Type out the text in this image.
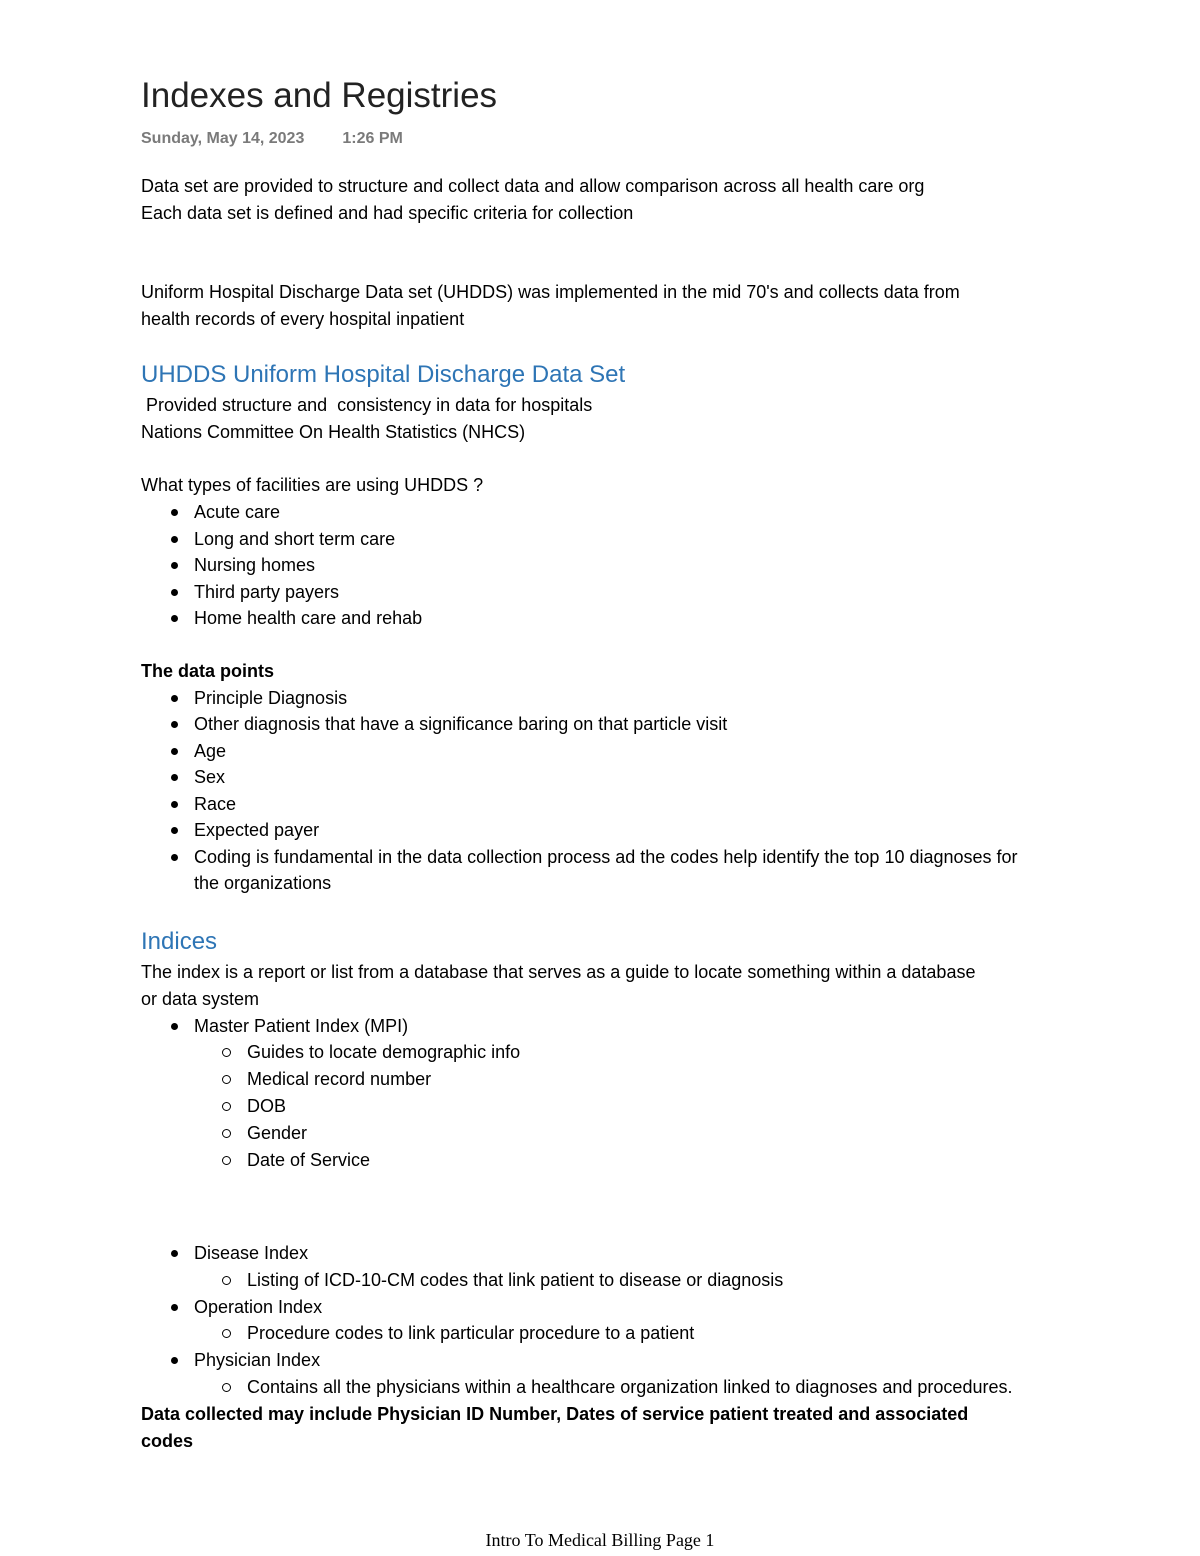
Indexes and Registries
Sunday, May 14, 2023 1:26 PM

Data set are provided to structure and collect data and allow comparison across all health care org

Each data set is defined and had specific criteria for collection

Uniform Hospital Discharge Data set (UHDDS) was implemented in the mid 70's and collects data from

health records of every hospital inpatient

UHDDS Uniform Hospital Discharge Data Set

Provided structure and  consistency in data for hospitals

Nations Committee On Health Statistics (NHCS)

What types of facilities are using UHDDS ?

Acute care
Long and short term care
Nursing homes
Third party payers
Home health care and rehab

The data points

Principle Diagnosis
Other diagnosis that have a significance baring on that particle visit
Age
Sex
Race
Expected payer
Coding is fundamental in the data collection process ad the codes help identify the top 10 diagnoses for the organizations
Indices

The index is a report or list from a database that serves as a guide to locate something within a database

or data system

Master Patient Index (MPI)
Guides to locate demographic info
Medical record number
DOB
Gender
Date of Service
Disease Index
Listing of ICD-10-CM codes that link patient to disease or diagnosis
Operation Index
Procedure codes to link particular procedure to a patient
Physician Index
Contains all the physicians within a healthcare organization linked to diagnoses and procedures.

Data collected may include Physician ID Number, Dates of service patient treated and associated

codes

Intro To Medical Billing Page 1
